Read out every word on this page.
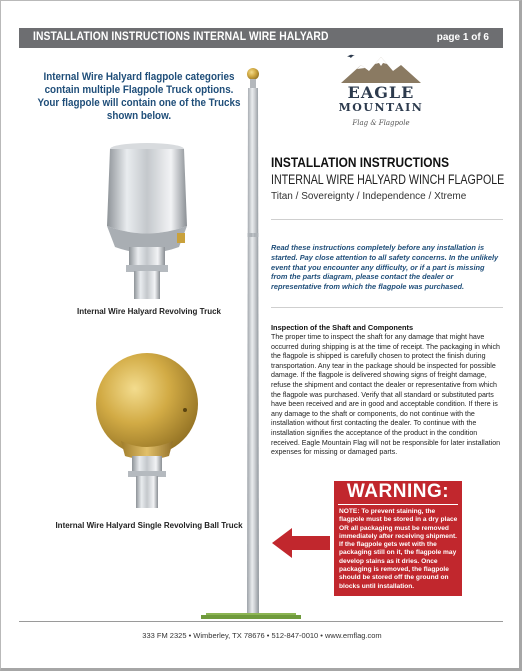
INSTALLATION INSTRUCTIONS INTERNAL WIRE HALYARD	page 1 of 6
Internal Wire Halyard flagpole categories contain multiple Flagpole Truck options. Your flagpole will contain one of the Trucks shown below.
Internal Wire Halyard Revolving Truck
Internal Wire Halyard Single Revolving Ball Truck
EAGLE
MOUNTAIN
Flag & Flagpole
INSTALLATION INSTRUCTIONS
INTERNAL WIRE HALYARD WINCH FLAGPOLE
Titan / Sovereignty / Independence / Xtreme
Read these instructions completely before any installation is started. Pay close attention to all safety concerns. In the unlikely event that you encounter any difficulty, or if a part is missing from the parts diagram, please contact the dealer or representative from which the flagpole was purchased.
Inspection of the Shaft and Components
The proper time to inspect the shaft for any damage that might have occurred during shipping is at the time of receipt. The packaging in which the flagpole is shipped is carefully chosen to protect the finish during transportation. Any tear in the package should be inspected for possible damage. If the flagpole is delivered showing signs of freight damage, refuse the shipment and contact the dealer or representative from which the flagpole was purchased. Verify that all standard or substituted parts have been received and are in good and acceptable condition. If there is any damage to the shaft or components, do not continue with the installation without first contacting the dealer. To continue with the installation signifies the acceptance of the product in the condition received. Eagle Mountain Flag will not be responsible for later installation expenses for missing or damaged parts.
WARNING:
NOTE: To prevent staining, the flagpole must be stored in a dry place OR all packaging must be removed immediately after receiving shipment. If the flagpole gets wet with the packaging still on it, the flagpole may develop stains as it dries. Once packaging is removed, the flagpole should be stored off the ground on blocks until installation.
333 FM 2325 • Wimberley, TX 78676 • 512-847-0010 • www.emflag.com
